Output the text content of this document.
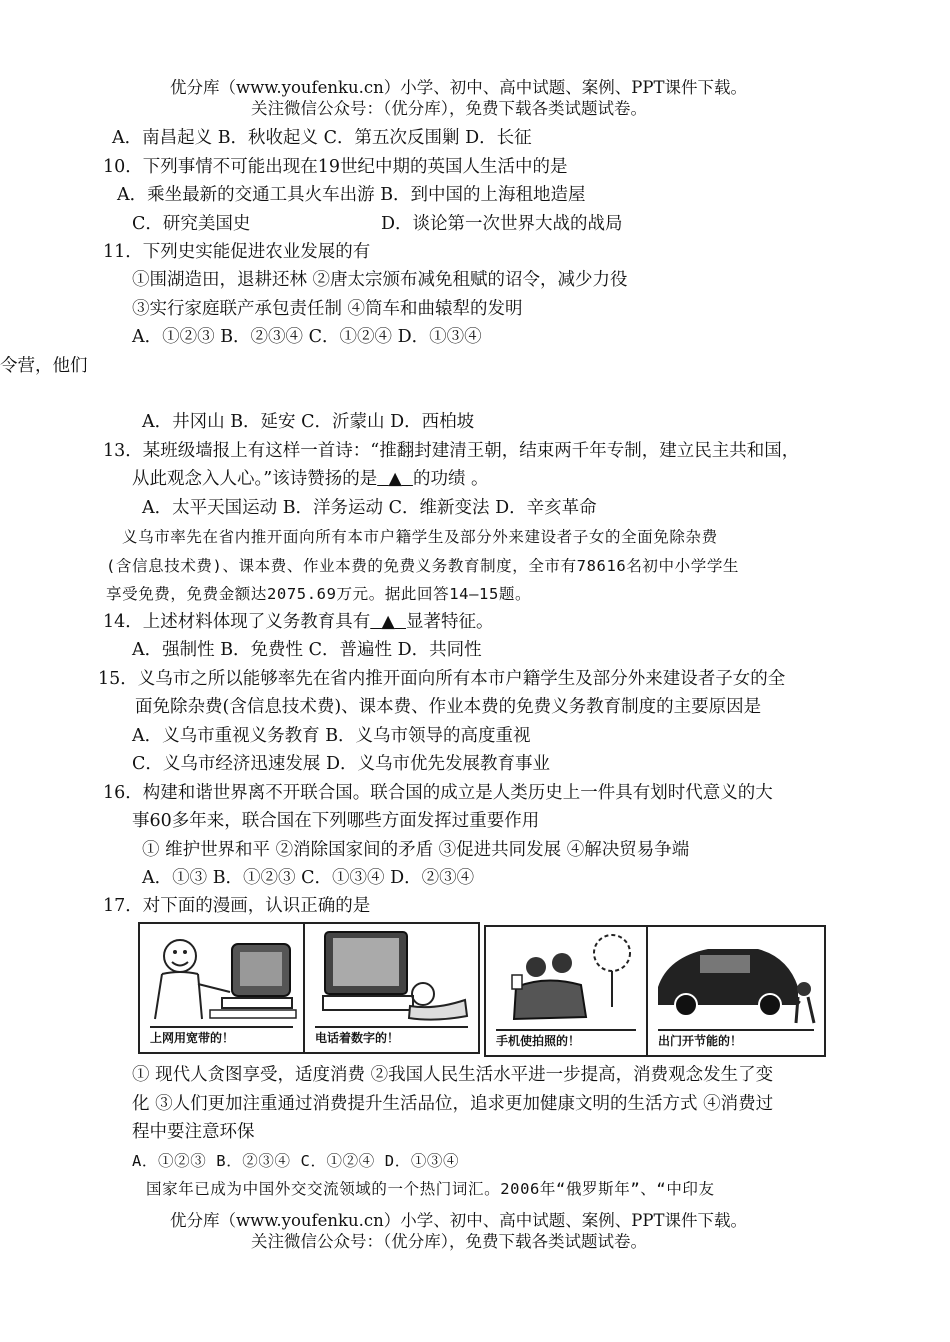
优分库（www.youfenku.cn）小学、初中、高中试题、案例、PPT课件下载。
关注微信公众号：（优分库），免费下载各类试题试卷。
A．南昌起义 B．秋收起义 C．第五次反围剿 D．长征
10．下列事情不可能出现在19世纪中期的英国人生活中的是
A．乘坐最新的交通工具火车出游 B．到中国的上海租地造屋
C．研究美国史	D．谈论第一次世界大战的战局
11．下列史实能促进农业发展的有
①围湖造田，退耕还林 ②唐太宗颁布减免租赋的诏令，减少力役
③实行家庭联产承包责任制 ④筒车和曲辕犁的发明
A．①②③ B．②③④ C．①②④ D．①③④
令营，他们
A．井冈山 B．延安 C．沂蒙山 D．西柏坡
13．某班级墙报上有这样一首诗：“推翻封建清王朝，结束两千年专制，建立民主共和国，
从此观念入人心。”该诗赞扬的是 ▲ 的功绩 。
A．太平天国运动 B．洋务运动 C．维新变法 D．辛亥革命
义乌市率先在省内推开面向所有本市户籍学生及部分外来建设者子女的全面免除杂费
(含信息技术费)、课本费、作业本费的免费义务教育制度，全市有78616名初中小学学生
享受免费，免费金额达2075.69万元。据此回答14—15题。
14．上述材料体现了义务教育具有 ▲ 显著特征。
A．强制性 B．免费性 C．普遍性 D．共同性
15．义乌市之所以能够率先在省内推开面向所有本市户籍学生及部分外来建设者子女的全
面免除杂费(含信息技术费)、课本费、作业本费的免费义务教育制度的主要原因是
A．义乌市重视义务教育 B．义乌市领导的高度重视
C．义乌市经济迅速发展 D．义乌市优先发展教育事业
16．构建和谐世界离不开联合国。联合国的成立是人类历史上一件具有划时代意义的大
事60多年来，联合国在下列哪些方面发挥过重要作用
① 维护世界和平 ②消除国家间的矛盾 ③促进共同发展 ④解决贸易争端
A．①③ B．①②③ C．①③④ D．②③④
17．对下面的漫画，认识正确的是
上网用宽带的！	电话着数字的！	手机使拍照的！	出门开节能的！
① 现代人贪图享受，适度消费 ②我国人民生活水平进一步提高，消费观念发生了变
化 ③人们更加注重通过消费提升生活品位，追求更加健康文明的生活方式 ④消费过
程中要注意环保
A．①②③ B．②③④ C．①②④ D．①③④
国家年已成为中国外交交流领域的一个热门词汇。2006年“俄罗斯年”、“中印友
优分库（www.youfenku.cn）小学、初中、高中试题、案例、PPT课件下载。
关注微信公众号：（优分库），免费下载各类试题试卷。
